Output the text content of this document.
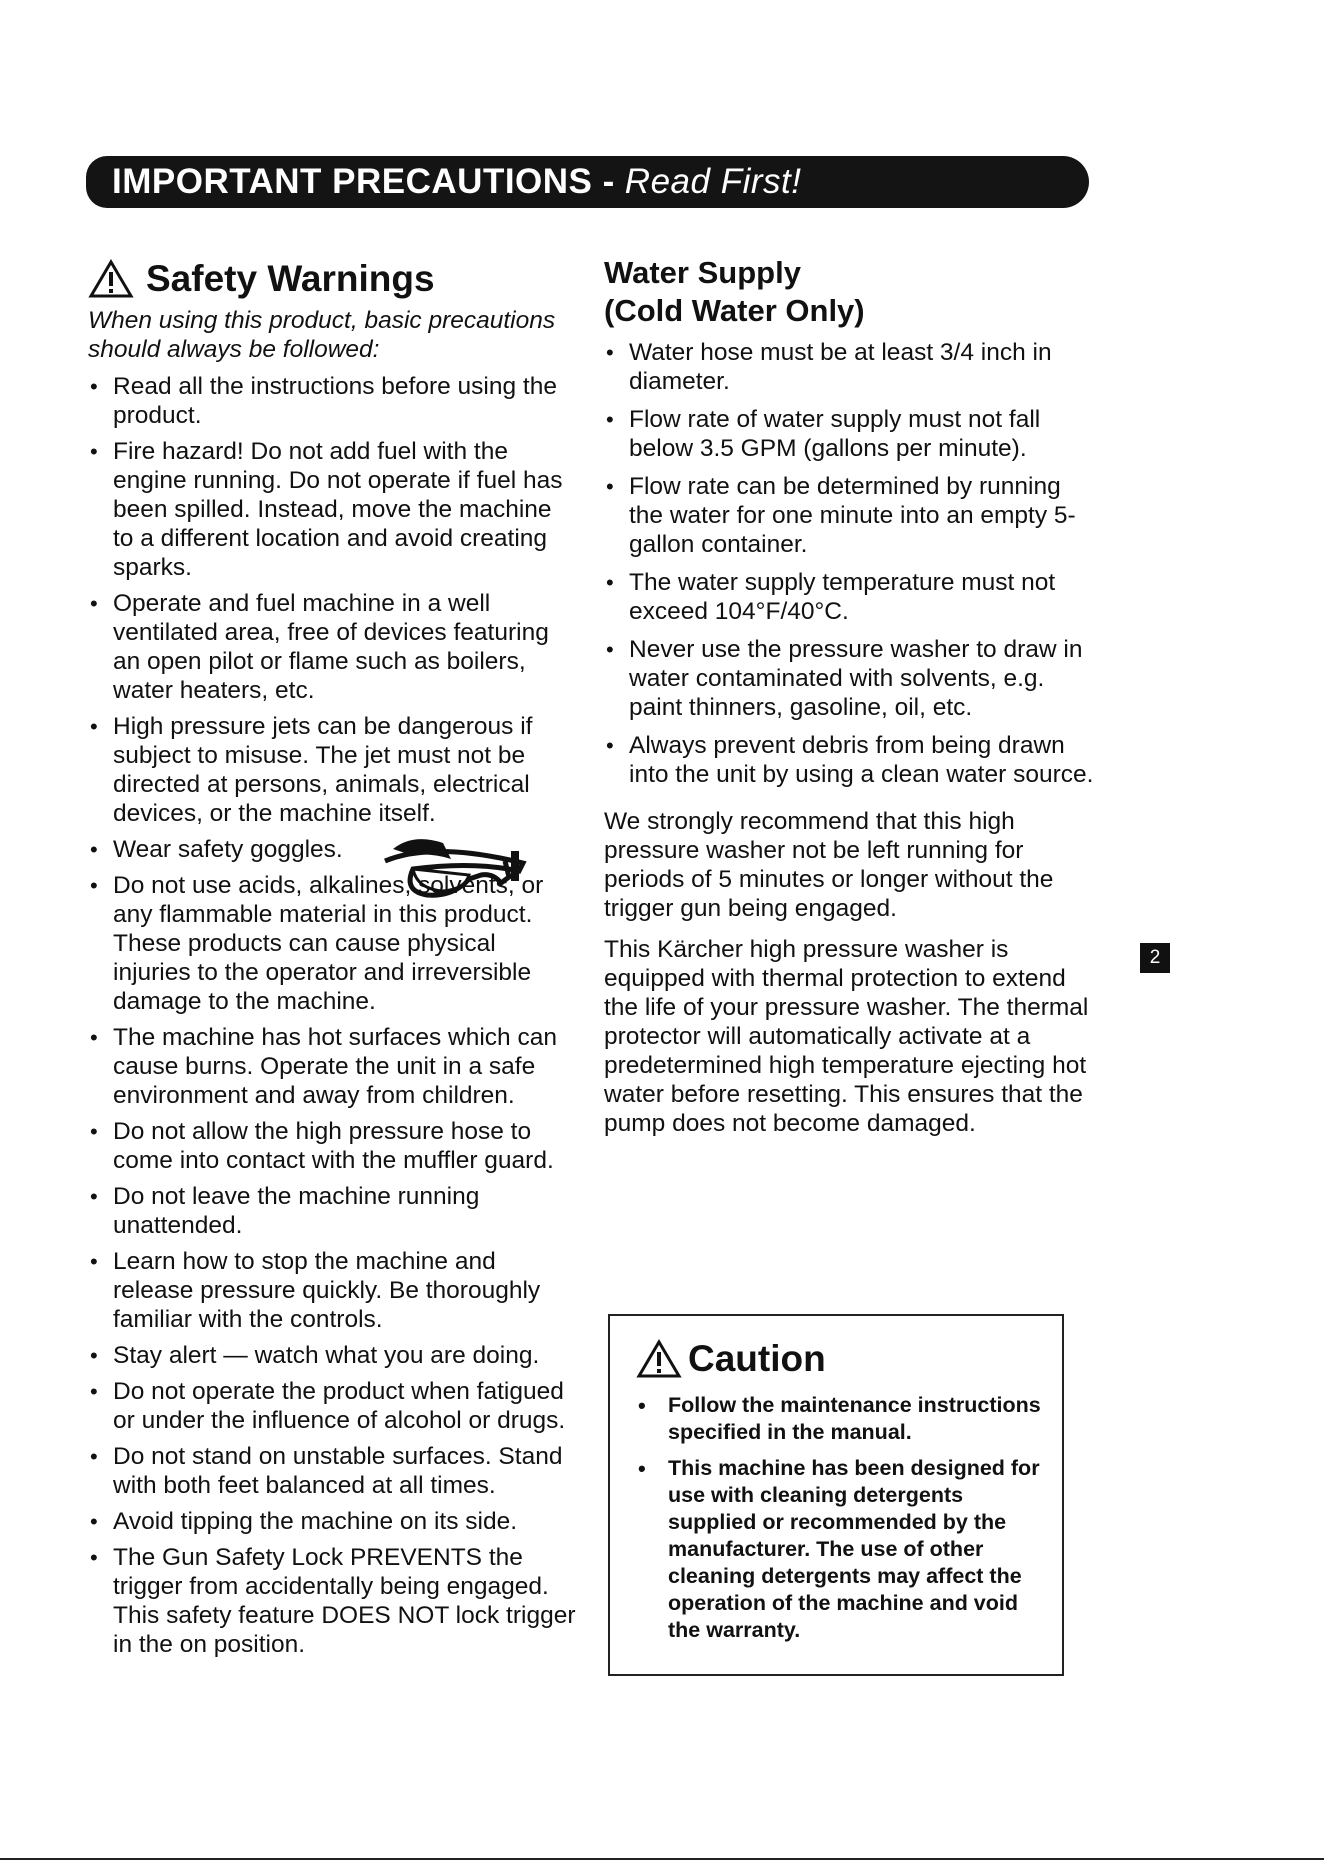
IMPORTANT PRECAUTIONS - Read First!
Safety Warnings

When using this product, basic precautions should always be followed:

• Read all the instructions before using the product.
• Fire hazard! Do not add fuel with the engine running. Do not operate if fuel has been spilled. Instead, move the machine to a different location and avoid creating sparks.
• Operate and fuel machine in a well ventilated area, free of devices featuring an open pilot or flame such as boilers, water heaters, etc.
• High pressure jets can be dangerous if subject to misuse. The jet must not be directed at persons, animals, electrical devices, or the machine itself.
• Wear safety goggles.
• Do not use acids, alkalines, solvents, or any flammable material in this product. These products can cause physical injuries to the operator and irreversible damage to the machine.
• The machine has hot surfaces which can cause burns. Operate the unit in a safe environment and away from children.
• Do not allow the high pressure hose to come into contact with the muffler guard.
• Do not leave the machine running unattended.
• Learn how to stop the machine and release pressure quickly. Be thoroughly familiar with the controls.
• Stay alert — watch what you are doing.
• Do not operate the product when fatigued or under the influence of alcohol or drugs.
• Do not stand on unstable surfaces. Stand with both feet balanced at all times.
• Avoid tipping the machine on its side.
• The Gun Safety Lock PREVENTS the trigger from accidentally being engaged. This safety feature DOES NOT lock trigger in the on position.
Water Supply
(Cold Water Only)
• Water hose must be at least 3/4 inch in diameter.
• Flow rate of water supply must not fall below 3.5 GPM (gallons per minute).
• Flow rate can be determined by running the water for one minute into an empty 5-gallon container.
• The water supply temperature must not exceed 104°F/40°C.
• Never use the pressure washer to draw in water contaminated with solvents, e.g. paint thinners, gasoline, oil, etc.
• Always prevent debris from being drawn into the unit by using a clean water source.

We strongly recommend that this high pressure washer not be left running for periods of 5 minutes or longer without the trigger gun being engaged.

This Kärcher high pressure washer is equipped with thermal protection to extend the life of your pressure washer. The thermal protector will automatically activate at a predetermined high temperature ejecting hot water before resetting. This ensures that the pump does not become damaged.

Caution
• Follow the maintenance instructions specified in the manual.
• This machine has been designed for use with cleaning detergents supplied or recommended by the manufacturer. The use of other cleaning detergents may affect the operation of the machine and void the warranty.
2
